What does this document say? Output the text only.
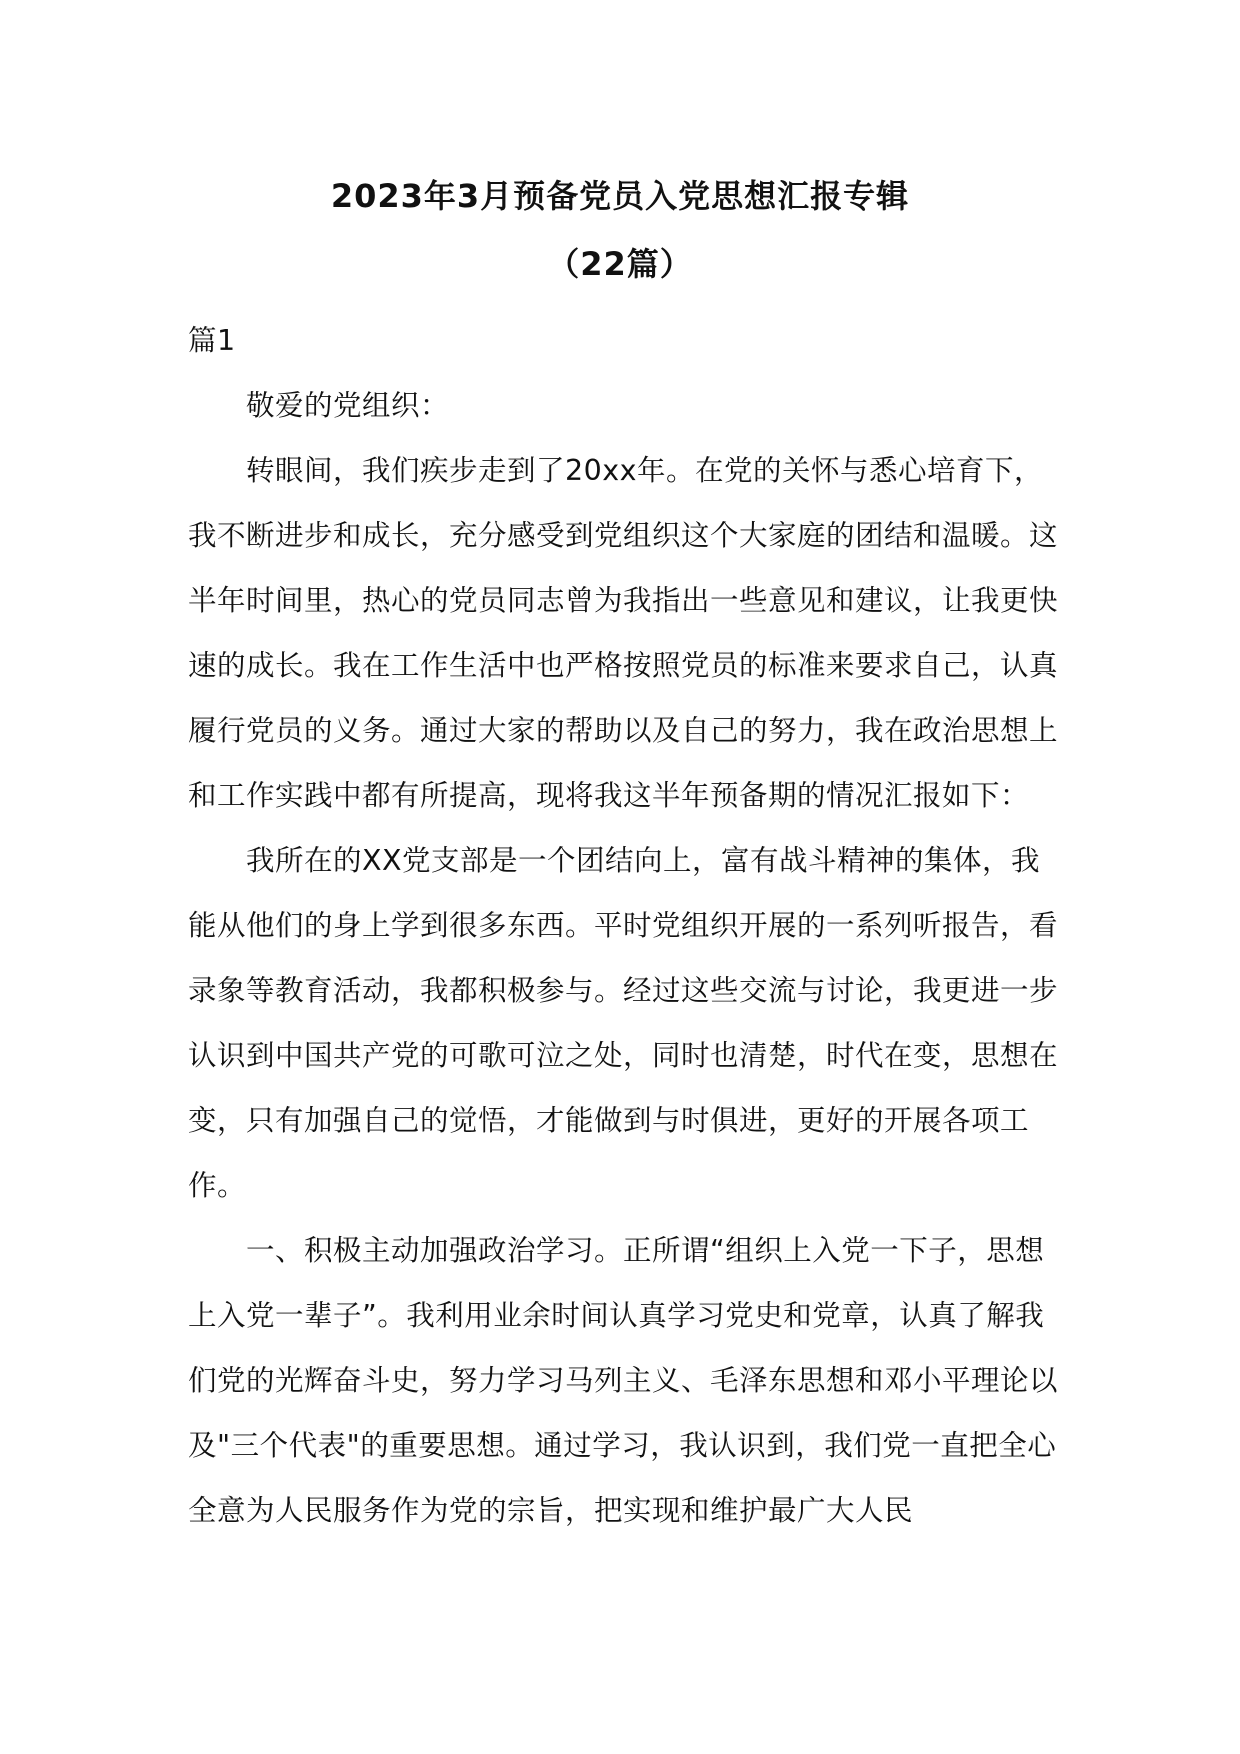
2023年3月预备党员入党思想汇报专辑
（22篇）

篇1

敬爱的党组织：

转眼间，我们疾步走到了20xx年。在党的关怀与悉心培育下，我不断进步和成长，充分感受到党组织这个大家庭的团结和温暖。这半年时间里，热心的党员同志曾为我指出一些意见和建议，让我更快速的成长。我在工作生活中也严格按照党员的标准来要求自己，认真履行党员的义务。通过大家的帮助以及自己的努力，我在政治思想上和工作实践中都有所提高，现将我这半年预备期的情况汇报如下：

我所在的XX党支部是一个团结向上，富有战斗精神的集体，我能从他们的身上学到很多东西。平时党组织开展的一系列听报告，看录象等教育活动，我都积极参与。经过这些交流与讨论，我更进一步认识到中国共产党的可歌可泣之处，同时也清楚，时代在变，思想在变，只有加强自己的觉悟，才能做到与时俱进，更好的开展各项工作。

一、积极主动加强政治学习。正所谓“组织上入党一下子，思想上入党一辈子”。我利用业余时间认真学习党史和党章，认真了解我们党的光辉奋斗史，努力学习马列主义、毛泽东思想和邓小平理论以及"三个代表"的重要思想。通过学习，我认识到，我们党一直把全心全意为人民服务作为党的宗旨，把实现和维护最广大人民
